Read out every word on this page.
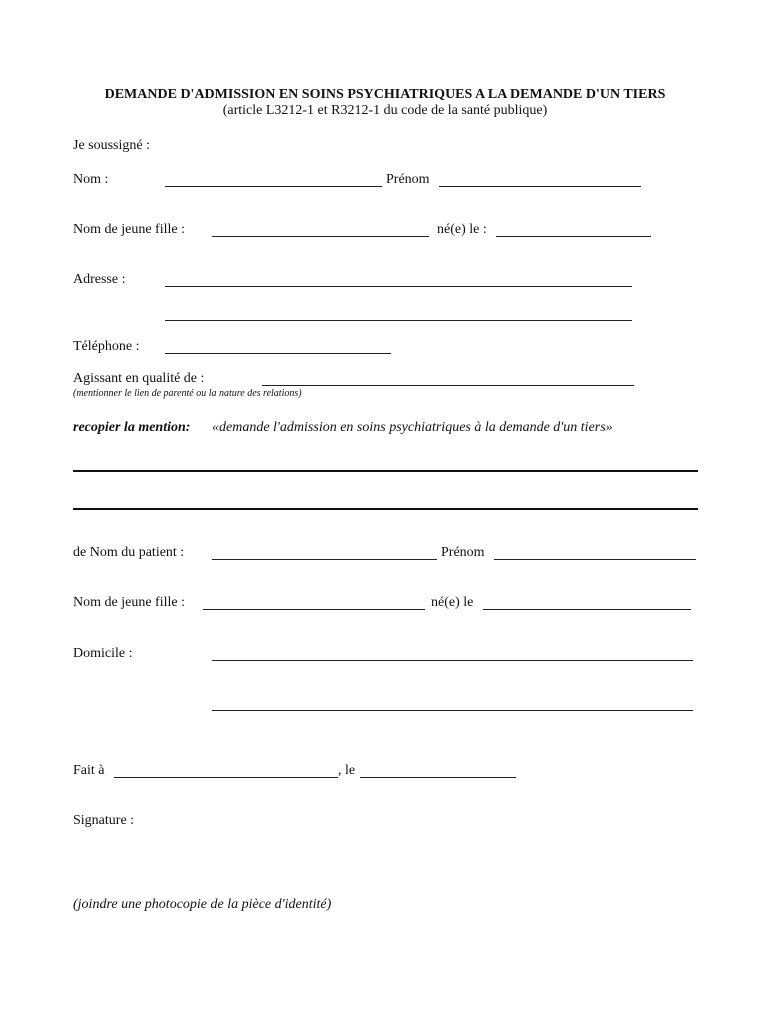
DEMANDE D'ADMISSION EN SOINS PSYCHIATRIQUES A LA DEMANDE D'UN TIERS
(article L3212-1 et R3212-1 du code de la santé publique)
Je soussigné :
Nom :	Prénom
Nom de jeune fille :	né(e) le :
Adresse :
Téléphone :
Agissant en qualité de :
(mentionner le lien de parenté ou la nature des relations)
recopier la mention: «demande l'admission en soins psychiatriques à la demande d'un tiers»
de Nom du patient :	Prénom
Nom de jeune fille :	né(e) le
Domicile :
Fait à	, le
Signature :
(joindre une photocopie de la pièce d'identité)
